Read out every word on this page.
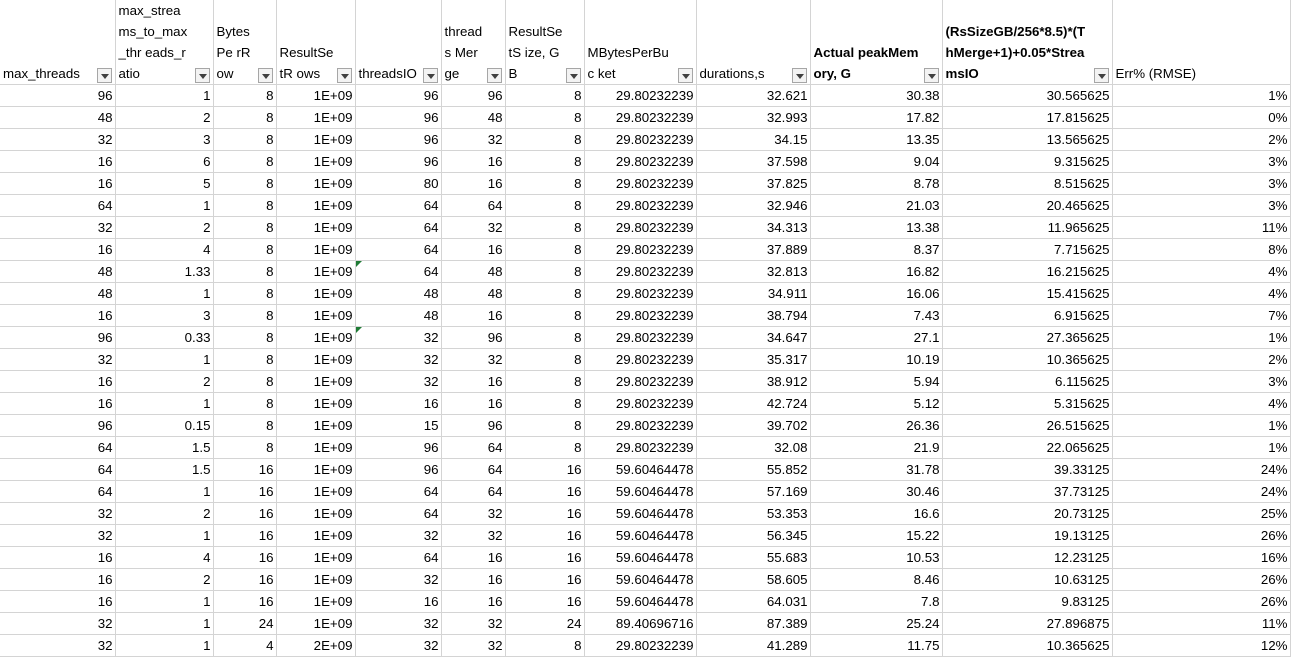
max_threads	max_streams_to_max_thr eads_ratio	BytesPe rRow	ResultSetR ows	threadsIO	threads Merge	ResultSetS ize, GB	MBytesPerBuc ket	durations,s	Actual peakMemory, G	(RsSizeGB/256*8.5)*(T hMerge+1)+0.05*Strea msIO	Err% (RMSE)

96	1	8	1E+09	96	96	8	29.80232239	32.621	30.38	30.565625	1%
48	2	8	1E+09	96	48	8	29.80232239	32.993	17.82	17.815625	0%
32	3	8	1E+09	96	32	8	29.80232239	34.15	13.35	13.565625	2%
16	6	8	1E+09	96	16	8	29.80232239	37.598	9.04	9.315625	3%
16	5	8	1E+09	80	16	8	29.80232239	37.825	8.78	8.515625	3%
64	1	8	1E+09	64	64	8	29.80232239	32.946	21.03	20.465625	3%
32	2	8	1E+09	64	32	8	29.80232239	34.313	13.38	11.965625	11%
16	4	8	1E+09	64	16	8	29.80232239	37.889	8.37	7.715625	8%
48	1.33	8	1E+09	64	48	8	29.80232239	32.813	16.82	16.215625	4%
48	1	8	1E+09	48	48	8	29.80232239	34.911	16.06	15.415625	4%
16	3	8	1E+09	48	16	8	29.80232239	38.794	7.43	6.915625	7%
96	0.33	8	1E+09	32	96	8	29.80232239	34.647	27.1	27.365625	1%
32	1	8	1E+09	32	32	8	29.80232239	35.317	10.19	10.365625	2%
16	2	8	1E+09	32	16	8	29.80232239	38.912	5.94	6.115625	3%
16	1	8	1E+09	16	16	8	29.80232239	42.724	5.12	5.315625	4%
96	0.15	8	1E+09	15	96	8	29.80232239	39.702	26.36	26.515625	1%
64	1.5	8	1E+09	96	64	8	29.80232239	32.08	21.9	22.065625	1%
64	1.5	16	1E+09	96	64	16	59.60464478	55.852	31.78	39.33125	24%
64	1	16	1E+09	64	64	16	59.60464478	57.169	30.46	37.73125	24%
32	2	16	1E+09	64	32	16	59.60464478	53.353	16.6	20.73125	25%
32	1	16	1E+09	32	32	16	59.60464478	56.345	15.22	19.13125	26%
16	4	16	1E+09	64	16	16	59.60464478	55.683	10.53	12.23125	16%
16	2	16	1E+09	32	16	16	59.60464478	58.605	8.46	10.63125	26%
16	1	16	1E+09	16	16	16	59.60464478	64.031	7.8	9.83125	26%
32	1	24	1E+09	32	32	24	89.40696716	87.389	25.24	27.896875	11%
32	1	4	2E+09	32	32	8	29.80232239	41.289	11.75	10.365625	12%
